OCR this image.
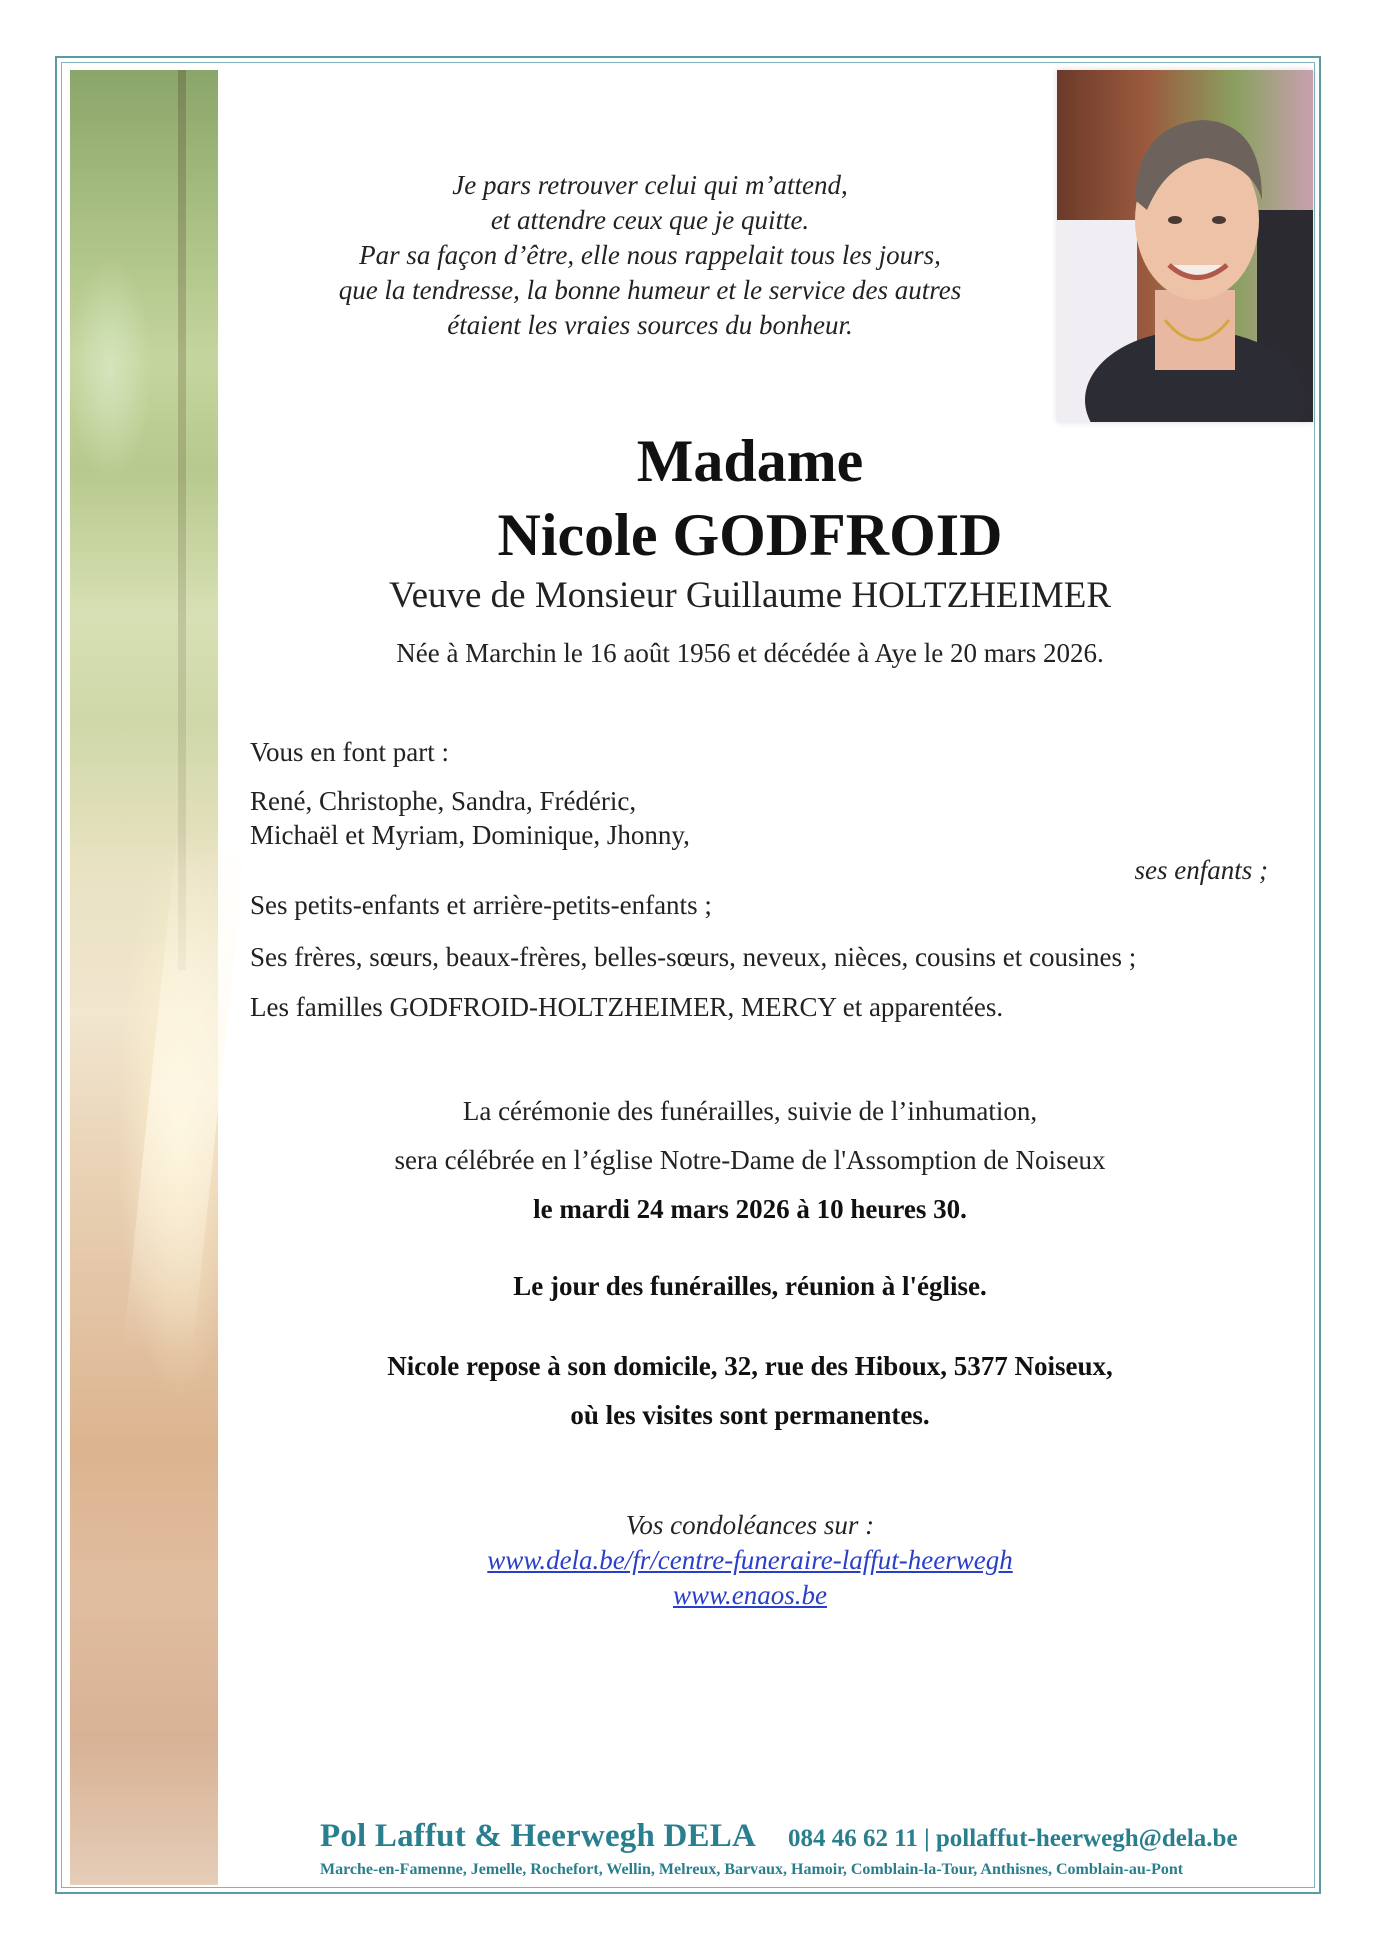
Je pars retrouver celui qui m’attend,
et attendre ceux que je quitte.
Par sa façon d’être, elle nous rappelait tous les jours,
que la tendresse, la bonne humeur et le service des autres
étaient les vraies sources du bonheur.
Madame
Nicole GODFROID
Veuve de Monsieur Guillaume HOLTZHEIMER
Née à Marchin le 16 août 1956 et décédée à Aye le 20 mars 2026.
Vous en font part :
René, Christophe, Sandra, Frédéric,
Michaël et Myriam, Dominique, Jhonny,
ses enfants ;
Ses petits-enfants et arrière-petits-enfants ;
Ses frères, sœurs, beaux-frères, belles-sœurs, neveux, nièces, cousins et cousines ;
Les familles GODFROID-HOLTZHEIMER, MERCY et apparentées.
La cérémonie des funérailles, suivie de l’inhumation,
sera célébrée en l’église Notre-Dame de l'Assomption de Noiseux
le mardi 24 mars 2026 à 10 heures 30.
Le jour des funérailles, réunion à l'église.
Nicole repose à son domicile, 32, rue des Hiboux, 5377 Noiseux,
où les visites sont permanentes.
Vos condoléances sur :
www.dela.be/fr/centre-funeraire-laffut-heerwegh
www.enaos.be
Pol Laffut & Heerwegh DELA 084 46 62 11 | pollaffut-heerwegh@dela.be
Marche-en-Famenne, Jemelle, Rochefort, Wellin, Melreux, Barvaux, Hamoir, Comblain-la-Tour, Anthisnes, Comblain-au-Pont
